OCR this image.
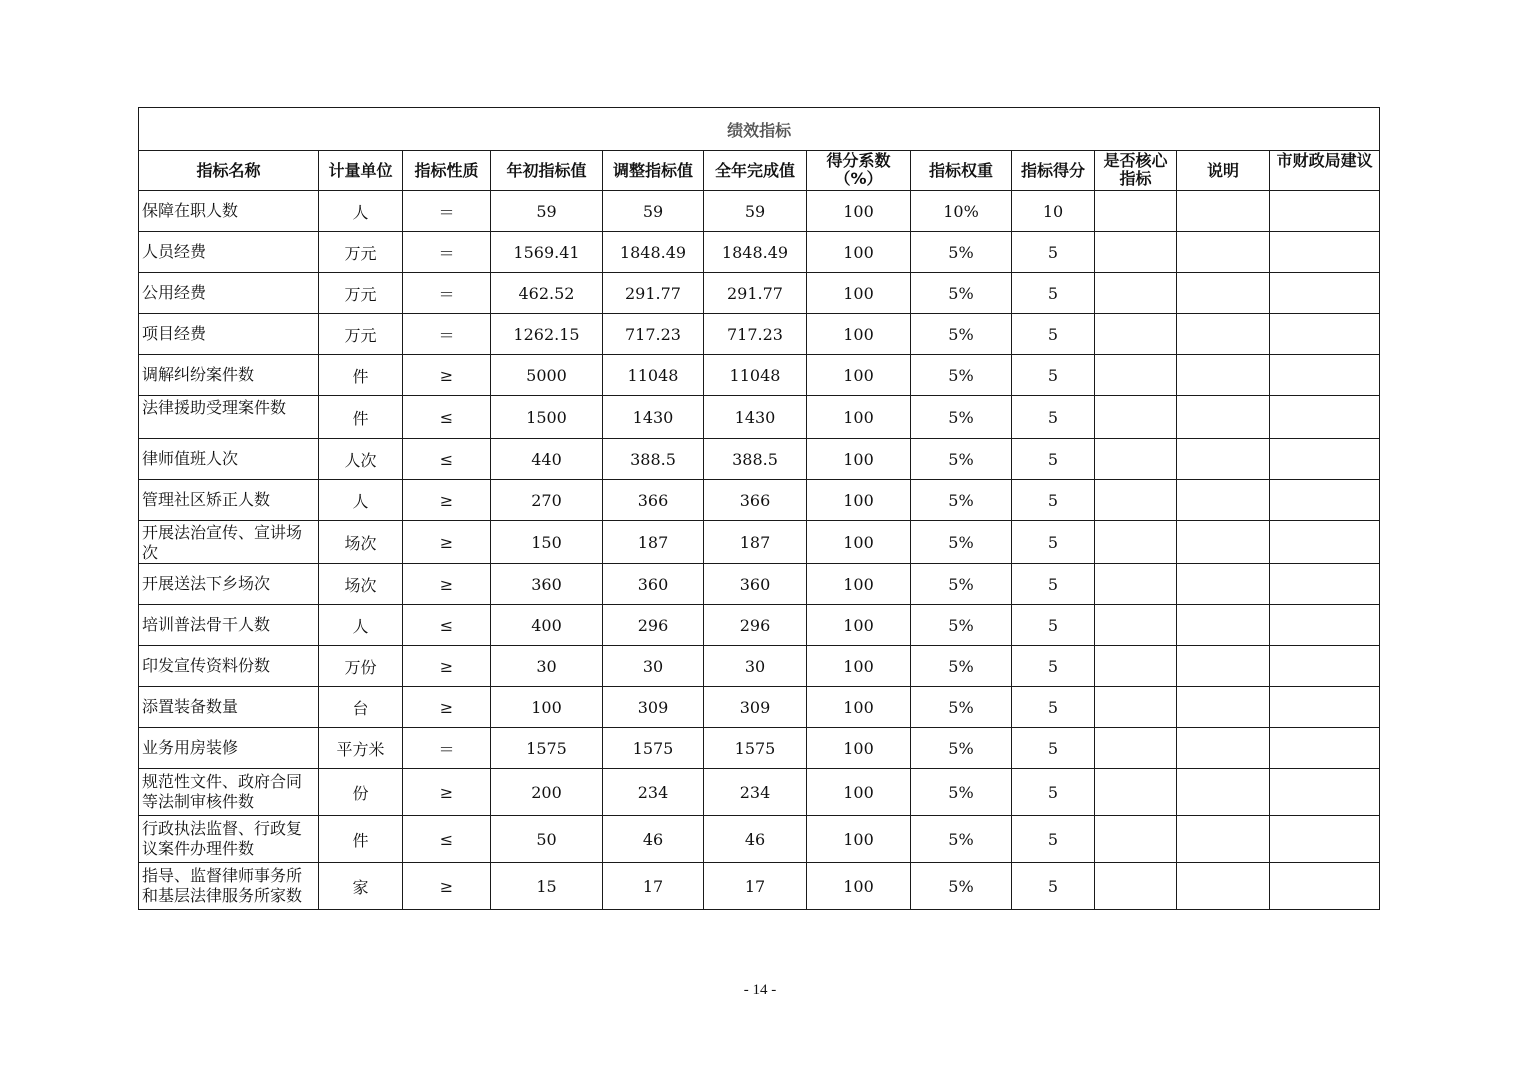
绩效指标											
指标名称	计量单位	指标性质	年初指标值	调整指标值	全年完成值	得分系数（%）	指标权重	指标得分	是否核心指标	说明	市财政局建议

保障在职人数	人	＝	59	59	59	100	10%	10			
人员经费	万元	＝	1569.41	1848.49	1848.49	100	5%	5			
公用经费	万元	＝	462.52	291.77	291.77	100	5%	5			
项目经费	万元	＝	1262.15	717.23	717.23	100	5%	5			
调解纠纷案件数	件	≥	5000	11048	11048	100	5%	5			

法律援助受理案件数	件	≤	1500	1430	1430	100	5%	5			
律师值班人次	人次	≤	440	388.5	388.5	100	5%	5			
管理社区矫正人数	人	≥	270	366	366	100	5%	5			

开展法治宣传、宣讲场次	场次	≥	150	187	187	100	5%	5			
开展送法下乡场次	场次	≥	360	360	360	100	5%	5			
培训普法骨干人数	人	≤	400	296	296	100	5%	5			
印发宣传资料份数	万份	≥	30	30	30	100	5%	5			
添置装备数量	台	≥	100	309	309	100	5%	5			
业务用房装修	平方米	＝	1575	1575	1575	100	5%	5			
规范性文件、政府合同等法制审核件数	份	≥	200	234	234	100	5%	5			
行政执法监督、行政复议案件办理件数	件	≤	50	46	46	100	5%	5			
指导、监督律师事务所和基层法律服务所家数	家	≥	15	17	17	100	5%	5			
- 14 -
